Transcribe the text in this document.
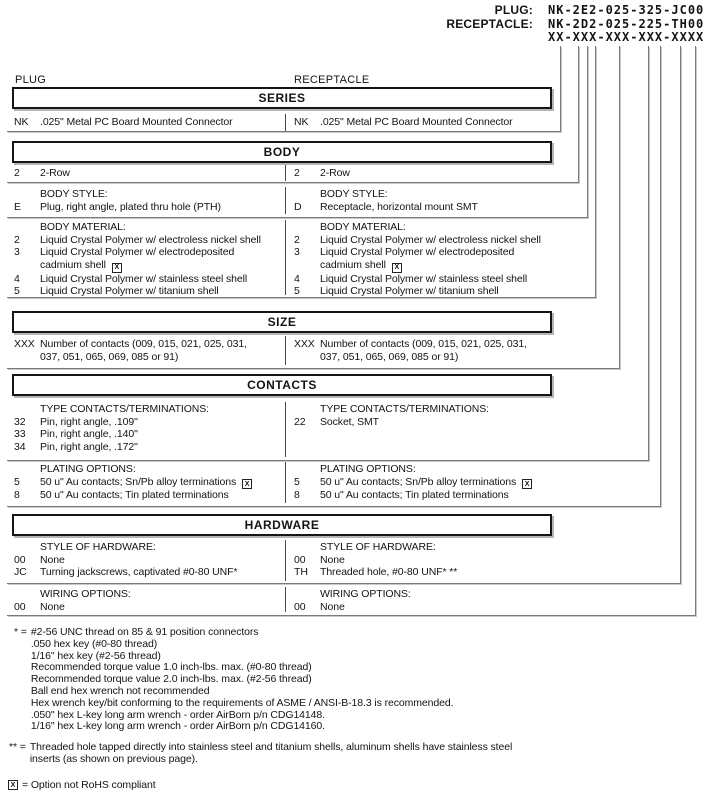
PLUG: NK-2E2-025-325-JC00
RECEPTACLE: NK-2D2-025-225-TH00
XX-XXX-XXX-XXX-XXXX
PLUG	RECEPTACLE
SERIES
BODY
SIZE
CONTACTS
HARDWARE
NK	.025" Metal PC Board Mounted Connector	NK	.025" Metal PC Board Mounted Connector
2	2-Row	2	2-Row
BODY STYLE:
E	Plug, right angle, plated thru hole (PTH)
BODY STYLE:
D	Receptacle, horizontal mount SMT
BODY MATERIAL:
2	Liquid Crystal Polymer w/ electroless nickel shell
3	Liquid Crystal Polymer w/ electrodeposited
cadmium shell X
4	Liquid Crystal Polymer w/ stainless steel shell
5	Liquid Crystal Polymer w/ titanium shell
BODY MATERIAL:
2	Liquid Crystal Polymer w/ electroless nickel shell
3	Liquid Crystal Polymer w/ electrodeposited
cadmium shell X
4	Liquid Crystal Polymer w/ stainless steel shell
5	Liquid Crystal Polymer w/ titanium shell
XXX Number of contacts (009, 015, 021, 025, 031,
037, 051, 065, 069, 085 or 91)
XXX Number of contacts (009, 015, 021, 025, 031,
037, 051, 065, 069, 085 or 91)
TYPE CONTACTS/TERMINATIONS:
32	Pin, right angle, .109"
33	Pin, right angle, .140"
34	Pin, right angle, .172"
TYPE CONTACTS/TERMINATIONS:
22	Socket, SMT
PLATING OPTIONS:
5	50 u" Au contacts; Sn/Pb alloy terminations X
8	50 u" Au contacts; Tin plated terminations
PLATING OPTIONS:
5	50 u" Au contacts; Sn/Pb alloy terminations X
8	50 u" Au contacts; Tin plated terminations
STYLE OF HARDWARE:
00	None
JC	Turning jackscrews, captivated #0-80 UNF*
STYLE OF HARDWARE:
00	None
TH	Threaded hole, #0-80 UNF* **
WIRING OPTIONS:
00	None
WIRING OPTIONS:
00	None
* = #2-56 UNC thread on 85 & 91 position connectors
.050 hex key (#0-80 thread)
1/16" hex key (#2-56 thread)
Recommended torque value 1.0 inch-lbs. max. (#0-80 thread)
Recommended torque value 2.0 inch-lbs. max. (#2-56 thread)
Ball end hex wrench not recommended
Hex wrench key/bit conforming to the requirements of ASME / ANSI-B-18.3 is recommended.
.050" hex L-key long arm wrench - order AirBorn p/n CDG14148.
1/16" hex L-key long arm wrench - order AirBorn p/n CDG14160.
** = Threaded hole tapped directly into stainless steel and titanium shells, aluminum shells have stainless steel
inserts (as shown on previous page).
X = Option not RoHS compliant
